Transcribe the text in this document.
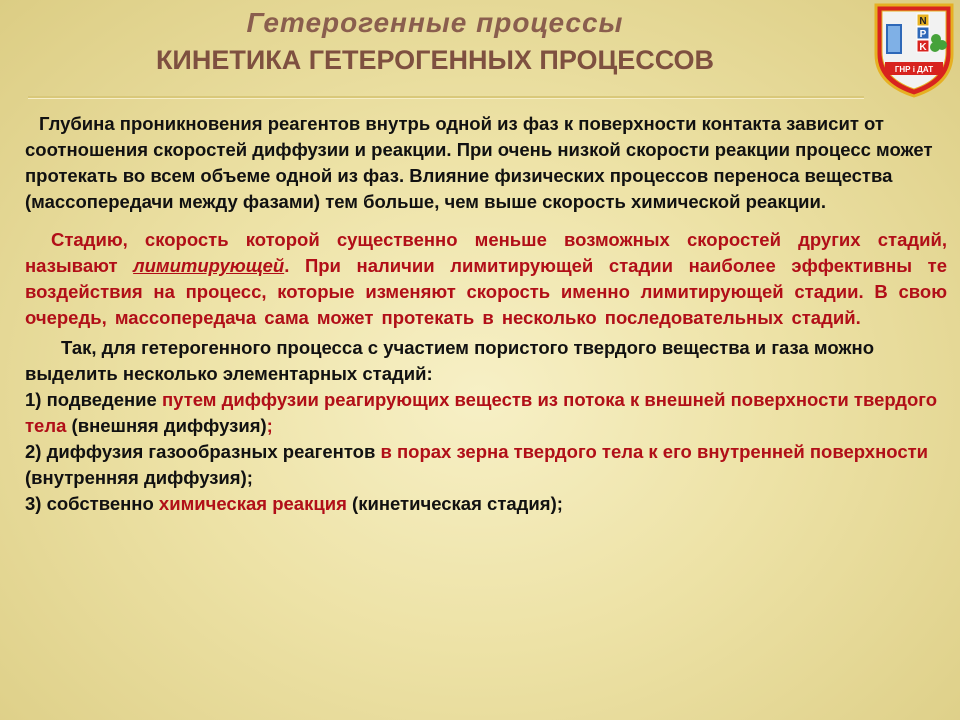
Гетерогенные процессы
КИНЕТИКА ГЕТЕРОГЕННЫХ ПРОЦЕССОВ
N
P
K
ГНР і ДАТ

Глубина проникновения реагентов внутрь одной из фаз к поверхности контакта зависит от соотношения скоростей диффузии и реакции. При очень низкой скорости реакции процесс может протекать во всем объеме одной из фаз. Влияние физических процессов переноса вещества (массопередачи между фазами) тем больше, чем выше скорость химической реакции.

Стадию, скорость которой существенно меньше возможных скоростей других стадий, называют лимитирующей. При наличии лимитирующей стадии наиболее эффективны те воздействия на процесс, которые изменяют скорость именно лимитирующей стадии. В свою очередь, массопередача сама может протекать в несколько последовательных стадий.

Так, для гетерогенного процесса с участием пористого твердого вещества и газа можно выделить несколько элементарных стадий:

1) подведение путем диффузии реагирующих веществ из потока к внешней поверхности твердого тела (внешняя диффузия);

2) диффузия газообразных реагентов в порах зерна твердого тела к его внутренней поверхности (внутренняя диффузия);

3) собственно химическая реакция (кинетическая стадия);
